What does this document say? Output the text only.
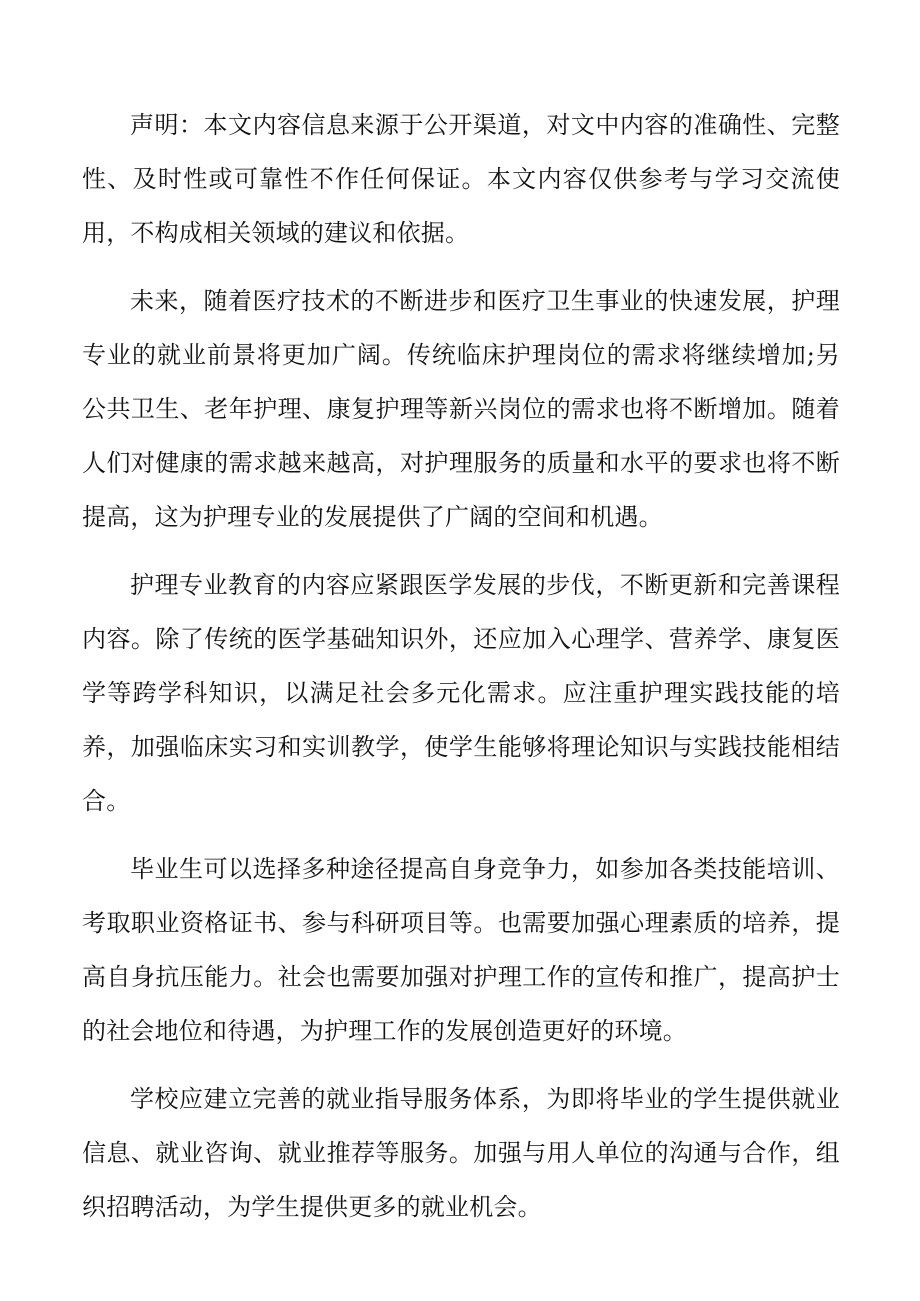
声明：本文内容信息来源于公开渠道，对文中内容的准确性、完整性、及时性或可靠性不作任何保证。本文内容仅供参考与学习交流使用，不构成相关领域的建议和依据。

未来，随着医疗技术的不断进步和医疗卫生事业的快速发展，护理专业的就业前景将更加广阔。传统临床护理岗位的需求将继续增加;另公共卫生、老年护理、康复护理等新兴岗位的需求也将不断增加。随着人们对健康的需求越来越高，对护理服务的质量和水平的要求也将不断提高，这为护理专业的发展提供了广阔的空间和机遇。

护理专业教育的内容应紧跟医学发展的步伐，不断更新和完善课程内容。除了传统的医学基础知识外，还应加入心理学、营养学、康复医学等跨学科知识，以满足社会多元化需求。应注重护理实践技能的培养，加强临床实习和实训教学，使学生能够将理论知识与实践技能相结合。

毕业生可以选择多种途径提高自身竞争力，如参加各类技能培训、考取职业资格证书、参与科研项目等。也需要加强心理素质的培养，提高自身抗压能力。社会也需要加强对护理工作的宣传和推广，提高护士的社会地位和待遇，为护理工作的发展创造更好的环境。

学校应建立完善的就业指导服务体系，为即将毕业的学生提供就业信息、就业咨询、就业推荐等服务。加强与用人单位的沟通与合作，组织招聘活动，为学生提供更多的就业机会。
